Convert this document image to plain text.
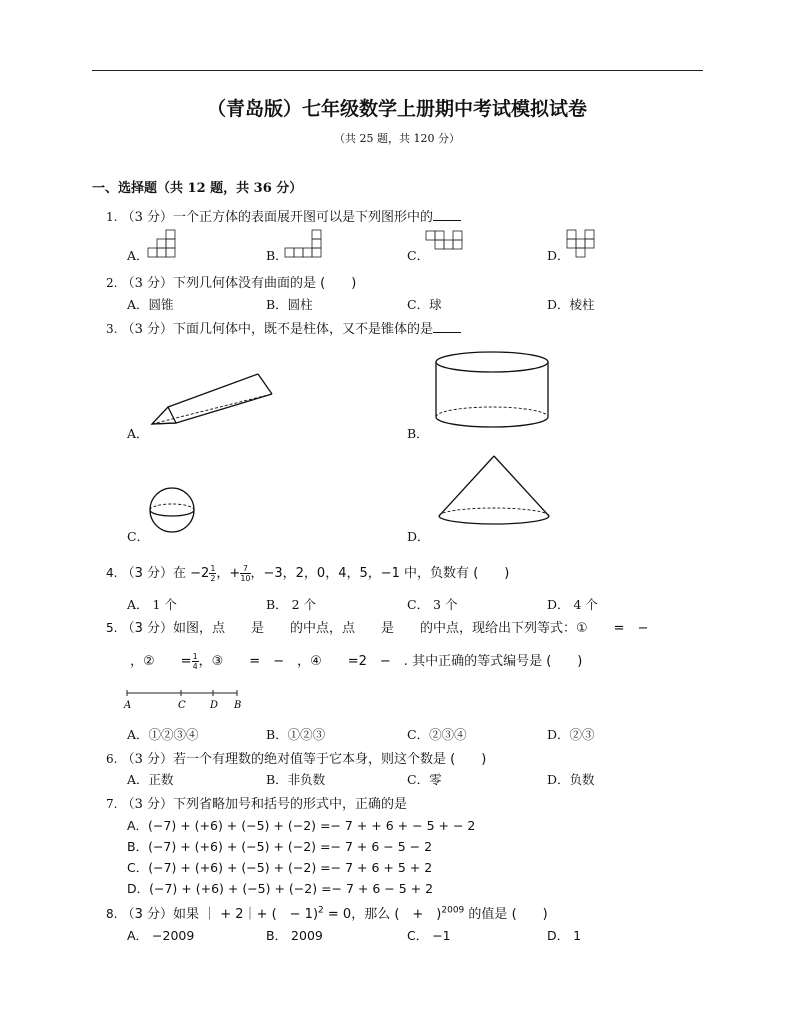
（青岛版）七年级数学上册期中考试模拟试卷
（共 25 题，共 120 分）
一、选择题（共 12 题，共 36 分）
1. （3 分）一个正方体的表面展开图可以是下列图形中的
A．	B．	C．	D．
2. （3 分）下列几何体没有曲面的是 (　　)
A．圆锥	B．圆柱	C．球	D．棱柱
3. （3 分）下面几何体中，既不是柱体，又不是锥体的是
A．	B．
C．	D．
4. （3 分）在 $-2 \frac{1}{2}$ ，+ $\frac{7}{10}$ ，−3，2，0，4，5，−1 中，负数有 (　　)
A． 1 个	B． 2 个	C． 3 个	D． 4 个
5. （3 分）如图，点　　是　　的中点，点　　是　　的中点，现给出下列等式：①　　=　−
，②　　= $\frac{1}{4}$ ，③　　=　−　，④　　=2　−　. 其中正确的等式编号是 (　　)
A	C D B
A．①②③④	B．①②③	C．②③④	D．②③
6. （3 分）若一个有理数的绝对值等于它本身，则这个数是 (　　)
A．正数	B．非负数	C．零	D．负数
7. （3 分）下列省略加号和括号的形式中，正确的是
A．(−7) + (+6) + (−5) + (−2) =− 7 + + 6 + − 5 + − 2
B．(−7) + (+6) + (−5) + (−2) =− 7 + 6 − 5 − 2
C．(−7) + (+6) + (−5) + (−2) =− 7 + 6 + 5 + 2
D．(−7) + (+6) + (−5) + (−2) =− 7 + 6 − 5 + 2
8. （3 分）如果 ｜ + 2｜+ (　− 1)$^2$ = 0，那么 (　+　)$^{2009}$ 的值是 (　　)
A． −2009	B． 2009	C． −1	D． 1
